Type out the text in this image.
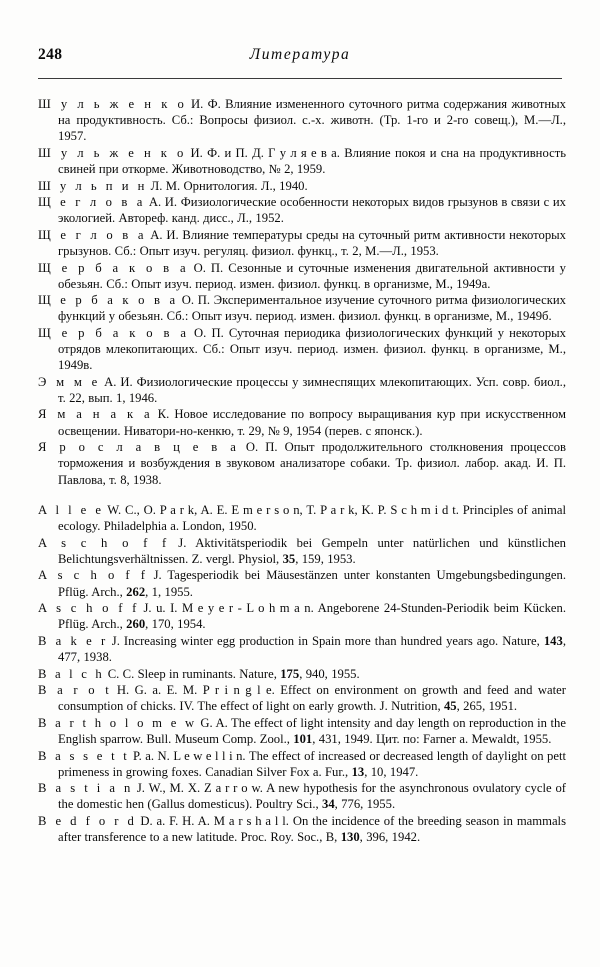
248	Литература

Ш у л ь ж е н к о И. Ф. Влияние измененного суточного ритма содержания животных на продуктивность. Сб.: Вопросы физиол. с.-х. животн. (Тр. 1-го и 2-го совещ.), М.—Л., 1957.

Ш у л ь ж е н к о И. Ф. и П. Д. Г у л я е в а. Влияние покоя и сна на продуктивность свиней при откорме. Животноводство, № 2, 1959.

Ш у л ь п и н Л. М. Орнитология. Л., 1940.

Щ е г л о в а А. И. Физиологические особенности некоторых видов грызунов в связи с их экологией. Автореф. канд. дисс., Л., 1952.

Щ е г л о в а А. И. Влияние температуры среды на суточный ритм активности некоторых грызунов. Сб.: Опыт изуч. регуляц. физиол. функц., т. 2, М.—Л., 1953.

Щ е р б а к о в а О. П. Сезонные и суточные изменения двигательной активности у обезьян. Сб.: Опыт изуч. период. измен. физиол. функц. в организме, М., 1949а.

Щ е р б а к о в а О. П. Экспериментальное изучение суточного ритма физиологических функций у обезьян. Сб.: Опыт изуч. период. измен. физиол. функц. в организме, М., 1949б.

Щ е р б а к о в а О. П. Суточная периодика физиологических функций у некоторых отрядов млекопитающих. Сб.: Опыт изуч. период. измен. физиол. функц. в организме, М., 1949в.

Э м м е А. И. Физиологические процессы у зимнеспящих млекопитающих. Усп. совр. биол., т. 22, вып. 1, 1946.

Я м а н а к а К. Новое исследование по вопросу выращивания кур при искусственном освещении. Ниватори-но-кенкю, т. 29, № 9, 1954 (перев. с японск.).

Я р о с л а в ц е в а О. П. Опыт продолжительного столкновения процессов торможения и возбуждения в звуковом анализаторе собаки. Тр. физиол. лабор. акад. И. П. Павлова, т. 8, 1938.

A l l e e W. C., O. P a r k, A. E. E m e r s o n, T. P a r k, K. P. S c h m i d t. Principles of animal ecology. Philadelphia a. London, 1950.

A s c h o f f J. Aktivitätsperiodik bei Gempeln unter natürlichen und künstlichen Belichtungsverhältnissen. Z. vergl. Physiol, 35, 159, 1953.

A s c h o f f J. Tagesperiodik bei Mäusestänzen unter konstanten Umgebungsbedingungen. Pflüg. Arch., 262, 1, 1955.

A s c h o f f J. u. I. M e y e r - L o h m a n. Angeborene 24-Stunden-Periodik beim Kücken. Pflüg. Arch., 260, 170, 1954.

B a k e r J. Increasing winter egg production in Spain more than hundred years ago. Nature, 143, 477, 1938.

B a l c h C. C. Sleep in ruminants. Nature, 175, 940, 1955.

B a r o t H. G. a. E. M. P r i n g l e. Effect on environment on growth and feed and water consumption of chicks. IV. The effect of light on early growth. J. Nutrition, 45, 265, 1951.

B a r t h o l o m e w G. A. The effect of light intensity and day length on reproduction in the English sparrow. Bull. Museum Comp. Zool., 101, 431, 1949. Цит. по: Farner a. Mewaldt, 1955.

B a s s e t t P. a. N. L e w e l l i n. The effect of increased or decreased length of daylight on pett primeness in growing foxes. Canadian Silver Fox a. Fur., 13, 10, 1947.

B a s t i a n J. W., M. X. Z a r r o w. A new hypothesis for the asynchronous ovulatory cycle of the domestic hen (Gallus domesticus). Poultry Sci., 34, 776, 1955.

B e d f o r d D. a. F. H. A. M a r s h a l l. On the incidence of the breeding season in mammals after transference to a new latitude. Proc. Roy. Soc., B, 130, 396, 1942.
